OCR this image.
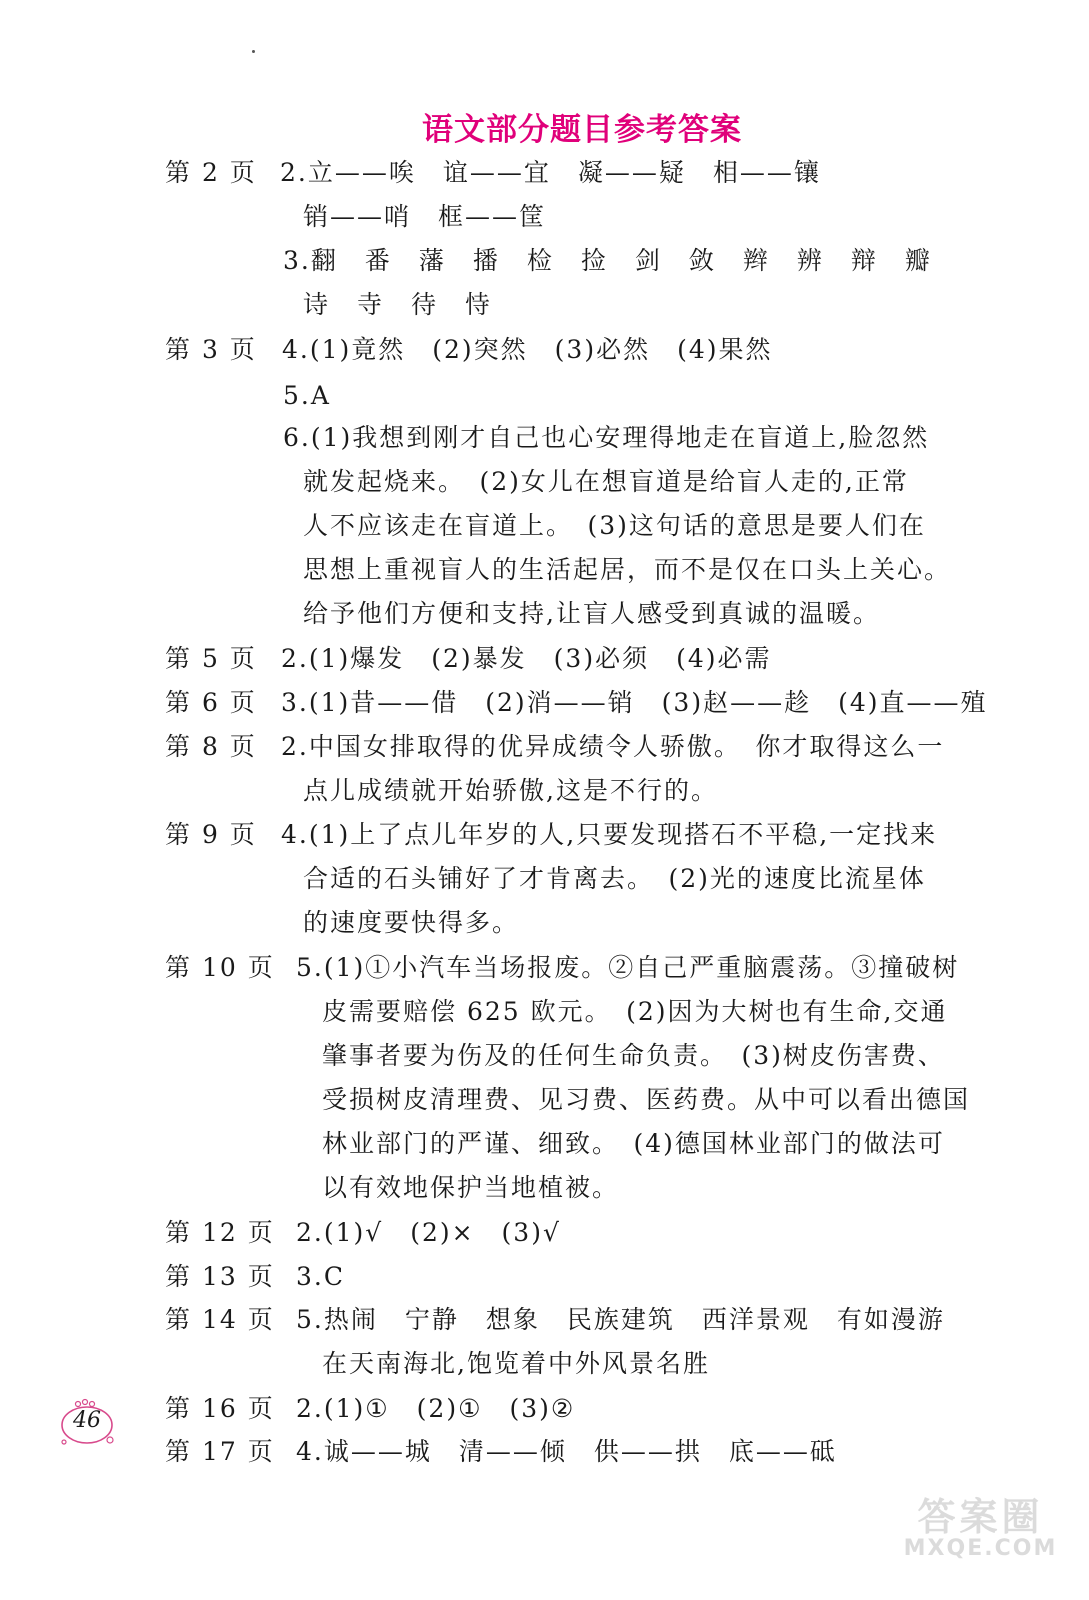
语文部分题目参考答案
第 2 页 2.立——唉　谊——宜　凝——疑　相——镶
销——哨　框——筐
3.翻　番　藩　播　检　捡　剑　敛　辫　辨　辩　瓣
诗　寺　待　恃
第 3 页 4.(1)竟然　(2)突然　(3)必然　(4)果然
5.A
6.(1)我想到刚才自己也心安理得地走在盲道上,脸忽然
就发起烧来。　(2)女儿在想盲道是给盲人走的,正常
人不应该走在盲道上。　(3)这句话的意思是要人们在
思想上重视盲人的生活起居，而不是仅在口头上关心。
给予他们方便和支持,让盲人感受到真诚的温暖。
第 5 页 2.(1)爆发　(2)暴发　(3)必须　(4)必需
第 6 页 3.(1)昔——借　(2)消——销　(3)赵——趁　(4)直——殖
第 8 页 2.中国女排取得的优异成绩令人骄傲。　你才取得这么一
点儿成绩就开始骄傲,这是不行的。
第 9 页 4.(1)上了点儿年岁的人,只要发现搭石不平稳,一定找来
合适的石头铺好了才肯离去。　(2)光的速度比流星体
的速度要快得多。
第 10 页 5.(1)①小汽车当场报废。②自己严重脑震荡。③撞破树
皮需要赔偿 625 欧元。　(2)因为大树也有生命,交通
肇事者要为伤及的任何生命负责。　(3)树皮伤害费、
受损树皮清理费、见习费、医药费。从中可以看出德国
林业部门的严谨、细致。　(4)德国林业部门的做法可
以有效地保护当地植被。
第 12 页 2.(1)√　(2)×　(3)√
第 13 页 3.C
第 14 页 5.热闹　宁静　想象　民族建筑　西洋景观　有如漫游
在天南海北,饱览着中外风景名胜
第 16 页 2.(1)①　(2)①　(3)②
第 17 页 4.诚——城　清——倾　供——拱　底——砥
46
答案圈
MXQE.COM
